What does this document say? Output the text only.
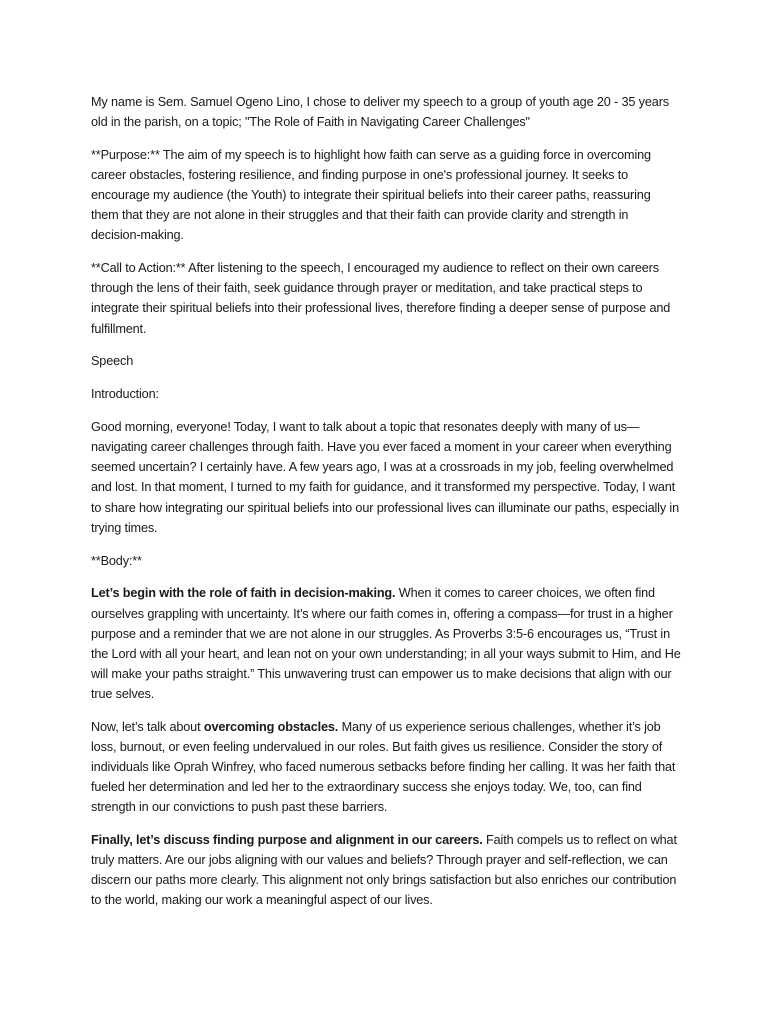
My name is Sem. Samuel Ogeno Lino, I chose to deliver my speech to a group of youth age 20 - 35 years old in the parish, on a topic; "The Role of Faith in Navigating Career Challenges"

**Purpose:** The aim of my speech is to highlight how faith can serve as a guiding force in overcoming career obstacles, fostering resilience, and finding purpose in one's professional journey. It seeks to encourage my audience (the Youth) to integrate their spiritual beliefs into their career paths, reassuring them that they are not alone in their struggles and that their faith can provide clarity and strength in decision-making.

**Call to Action:** After listening to the speech, I encouraged my audience to reflect on their own careers through the lens of their faith, seek guidance through prayer or meditation, and take practical steps to integrate their spiritual beliefs into their professional lives, therefore finding a deeper sense of purpose and fulfillment.

Speech

Introduction:

Good morning, everyone! Today, I want to talk about a topic that resonates deeply with many of us—navigating career challenges through faith. Have you ever faced a moment in your career when everything seemed uncertain? I certainly have. A few years ago, I was at a crossroads in my job, feeling overwhelmed and lost. In that moment, I turned to my faith for guidance, and it transformed my perspective. Today, I want to share how integrating our spiritual beliefs into our professional lives can illuminate our paths, especially in trying times.

**Body:**

Let’s begin with the role of faith in decision-making. When it comes to career choices, we often find ourselves grappling with uncertainty. It’s where our faith comes in, offering a compass—for trust in a higher purpose and a reminder that we are not alone in our struggles. As Proverbs 3:5-6 encourages us, “Trust in the Lord with all your heart, and lean not on your own understanding; in all your ways submit to Him, and He will make your paths straight.” This unwavering trust can empower us to make decisions that align with our true selves.

Now, let’s talk about overcoming obstacles. Many of us experience serious challenges, whether it’s job loss, burnout, or even feeling undervalued in our roles. But faith gives us resilience. Consider the story of individuals like Oprah Winfrey, who faced numerous setbacks before finding her calling. It was her faith that fueled her determination and led her to the extraordinary success she enjoys today. We, too, can find strength in our convictions to push past these barriers.

Finally, let’s discuss finding purpose and alignment in our careers. Faith compels us to reflect on what truly matters. Are our jobs aligning with our values and beliefs? Through prayer and self-reflection, we can discern our paths more clearly. This alignment not only brings satisfaction but also enriches our contribution to the world, making our work a meaningful aspect of our lives.
